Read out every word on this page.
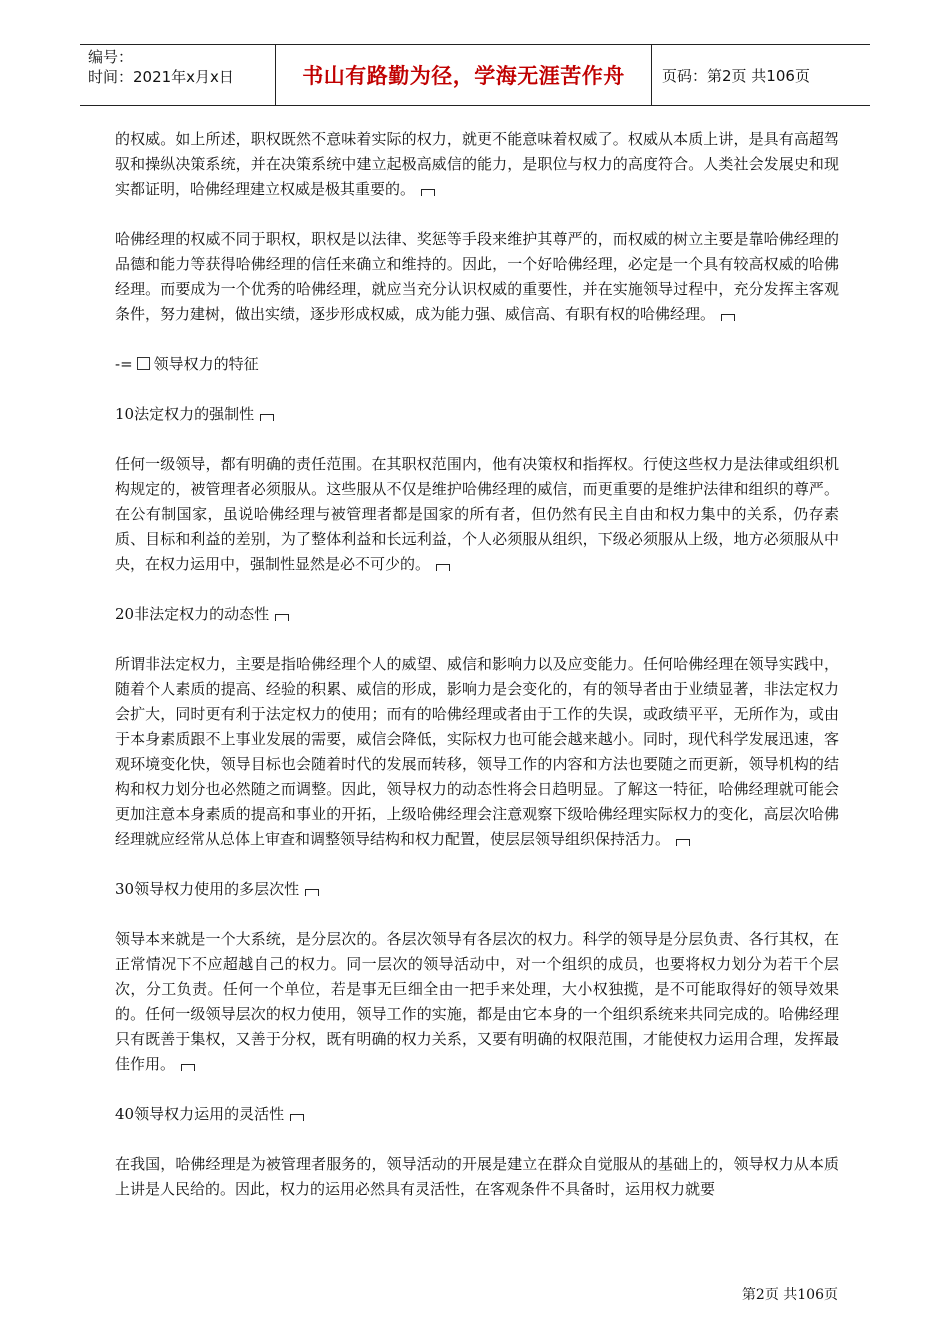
编号：
时间：2021年x月x日	书山有路勤为径，学海无涯苦作舟	页码：第2页 共106页

的权威。如上所述，职权既然不意味着实际的权力，就更不能意味着权威了。权威从本质上讲，是具有高超驾驭和操纵决策系统，并在决策系统中建立起极高威信的能力，是职位与权力的高度符合。人类社会发展史和现实都证明，哈佛经理建立权威是极其重要的。

哈佛经理的权威不同于职权，职权是以法律、奖惩等手段来维护其尊严的，而权威的树立主要是靠哈佛经理的品德和能力等获得哈佛经理的信任来确立和维持的。因此，一个好哈佛经理，必定是一个具有较高权威的哈佛经理。而要成为一个优秀的哈佛经理，就应当充分认识权威的重要性，并在实施领导过程中，充分发挥主客观条件，努力建树，做出实绩，逐步形成权威，成为能力强、威信高、有职有权的哈佛经理。

-= 领导权力的特征

10法定权力的强制性

任何一级领导，都有明确的责任范围。在其职权范围内，他有决策权和指挥权。行使这些权力是法律或组织机构规定的，被管理者必须服从。这些服从不仅是维护哈佛经理的威信，而更重要的是维护法律和组织的尊严。在公有制国家，虽说哈佛经理与被管理者都是国家的所有者，但仍然有民主自由和权力集中的关系，仍存素质、目标和利益的差别，为了整体利益和长远利益，个人必须服从组织，下级必须服从上级，地方必须服从中央，在权力运用中，强制性显然是必不可少的。

20非法定权力的动态性

所谓非法定权力，主要是指哈佛经理个人的威望、威信和影响力以及应变能力。任何哈佛经理在领导实践中，随着个人素质的提高、经验的积累、威信的形成，影响力是会变化的，有的领导者由于业绩显著，非法定权力会扩大，同时更有利于法定权力的使用；而有的哈佛经理或者由于工作的失误，或政绩平平，无所作为，或由于本身素质跟不上事业发展的需要，威信会降低，实际权力也可能会越来越小。同时，现代科学发展迅速，客观环境变化快，领导目标也会随着时代的发展而转移，领导工作的内容和方法也要随之而更新，领导机构的结构和权力划分也必然随之而调整。因此，领导权力的动态性将会日趋明显。了解这一特征，哈佛经理就可能会更加注意本身素质的提高和事业的开拓，上级哈佛经理会注意观察下级哈佛经理实际权力的变化，高层次哈佛经理就应经常从总体上审查和调整领导结构和权力配置，使层层领导组织保持活力。

30领导权力使用的多层次性

领导本来就是一个大系统，是分层次的。各层次领导有各层次的权力。科学的领导是分层负责、各行其权，在正常情况下不应超越自己的权力。同一层次的领导活动中，对一个组织的成员，也要将权力划分为若干个层次，分工负责。任何一个单位，若是事无巨细全由一把手来处理，大小权独揽，是不可能取得好的领导效果的。任何一级领导层次的权力使用，领导工作的实施，都是由它本身的一个组织系统来共同完成的。哈佛经理只有既善于集权，又善于分权，既有明确的权力关系，又要有明确的权限范围，才能使权力运用合理，发挥最佳作用。

40领导权力运用的灵活性

在我国，哈佛经理是为被管理者服务的，领导活动的开展是建立在群众自觉服从的基础上的，领导权力从本质上讲是人民给的。因此，权力的运用必然具有灵活性，在客观条件不具备时，运用权力就要

第2页 共106页
